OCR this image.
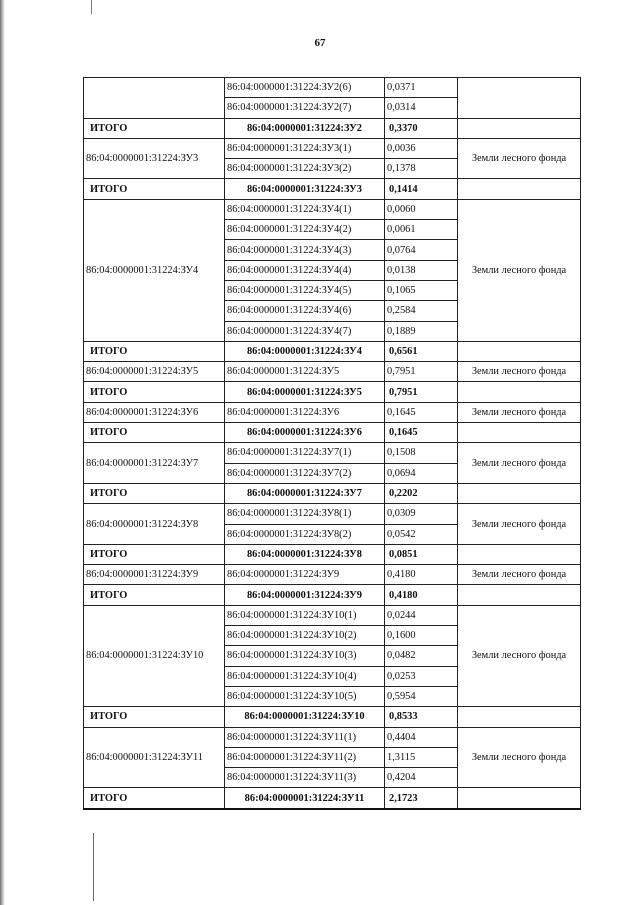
67
	86:04:0000001:31224:ЗУ2(6)	0,0371	
	86:04:0000001:31224:ЗУ2(7)	0,0314	
ИТОГО	86:04:0000001:31224:ЗУ2	0,3370	
86:04:0000001:31224:ЗУ3	86:04:0000001:31224:ЗУ3(1)	0,0036	Земли лесного фонда
	86:04:0000001:31224:ЗУ3(2)	0,1378	
ИТОГО	86:04:0000001:31224:ЗУ3	0,1414	
86:04:0000001:31224:ЗУ4	86:04:0000001:31224:ЗУ4(1)	0,0060	Земли лесного фонда
	86:04:0000001:31224:ЗУ4(2)	0,0061	
	86:04:0000001:31224:ЗУ4(3)	0,0764	
	86:04:0000001:31224:ЗУ4(4)	0,0138	
	86:04:0000001:31224:ЗУ4(5)	0,1065	
	86:04:0000001:31224:ЗУ4(6)	0,2584	
	86:04:0000001:31224:ЗУ4(7)	0,1889	
ИТОГО	86:04:0000001:31224:ЗУ4	0,6561	
86:04:0000001:31224:ЗУ5	86:04:0000001:31224:ЗУ5	0,7951	Земли лесного фонда
ИТОГО	86:04:0000001:31224:ЗУ5	0,7951	
86:04:0000001:31224:ЗУ6	86:04:0000001:31224:ЗУ6	0,1645	Земли лесного фонда
ИТОГО	86:04:0000001:31224:ЗУ6	0,1645	
86:04:0000001:31224:ЗУ7	86:04:0000001:31224:ЗУ7(1)	0,1508	Земли лесного фонда
	86:04:0000001:31224:ЗУ7(2)	0,0694	
ИТОГО	86:04:0000001:31224:ЗУ7	0,2202	
86:04:0000001:31224:ЗУ8	86:04:0000001:31224:ЗУ8(1)	0,0309	Земли лесного фонда
	86:04:0000001:31224:ЗУ8(2)	0,0542	
ИТОГО	86:04:0000001:31224:ЗУ8	0,0851	
86:04:0000001:31224:ЗУ9	86:04:0000001:31224:ЗУ9	0,4180	Земли лесного фонда
ИТОГО	86:04:0000001:31224:ЗУ9	0,4180	
86:04:0000001:31224:ЗУ10	86:04:0000001:31224:ЗУ10(1)	0,0244	Земли лесного фонда
	86:04:0000001:31224:ЗУ10(2)	0,1600	
	86:04:0000001:31224:ЗУ10(3)	0,0482	
	86:04:0000001:31224:ЗУ10(4)	0,0253	
	86:04:0000001:31224:ЗУ10(5)	0,5954	
ИТОГО	86:04:0000001:31224:ЗУ10	0,8533	
86:04:0000001:31224:ЗУ11	86:04:0000001:31224:ЗУ11(1)	0,4404	Земли лесного фонда
	86:04:0000001:31224:ЗУ11(2)	1,3115	
	86:04:0000001:31224:ЗУ11(3)	0,4204	
ИТОГО	86:04:0000001:31224:ЗУ11	2,1723	
